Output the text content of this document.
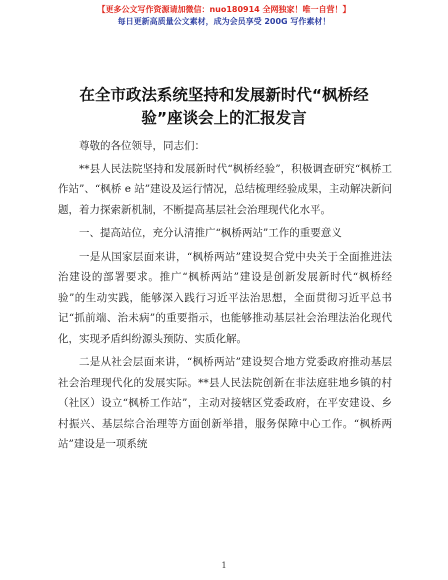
【更多公文写作资源请加微信：nuo180914 全网独家！唯一自营！】
每日更新高质量公文素材，成为会员享受 200G 写作素材！
在全市政法系统坚持和发展新时代“枫桥经
验”座谈会上的汇报发言

尊敬的各位领导，同志们：

**县人民法院坚持和发展新时代“枫桥经验”，积极调查研究“枫桥工作站”、“枫桥 e 站”建设及运行情况，总结梳理经验成果，主动解决新问题，着力探索新机制，不断提高基层社会治理现代化水平。

一、提高站位，充分认清推广“枫桥两站”工作的重要意义

一是从国家层面来讲，“枫桥两站”建设契合党中央关于全面推进法治建设的部署要求。推广“枫桥两站”建设是创新发展新时代“枫桥经验”的生动实践，能够深入践行习近平法治思想，全面贯彻习近平总书记“抓前端、治未病”的重要指示，也能够推动基层社会治理法治化现代化，实现矛盾纠纷源头预防、实质化解。

二是从社会层面来讲，“枫桥两站”建设契合地方党委政府推动基层社会治理现代化的发展实际。**县人民法院创新在非法庭驻地乡镇的村（社区）设立“枫桥工作站”，主动对接辖区党委政府，在平安建设、乡村振兴、基层综合治理等方面创新举措，服务保障中心工作。“枫桥两站”建设是一项系统

1
